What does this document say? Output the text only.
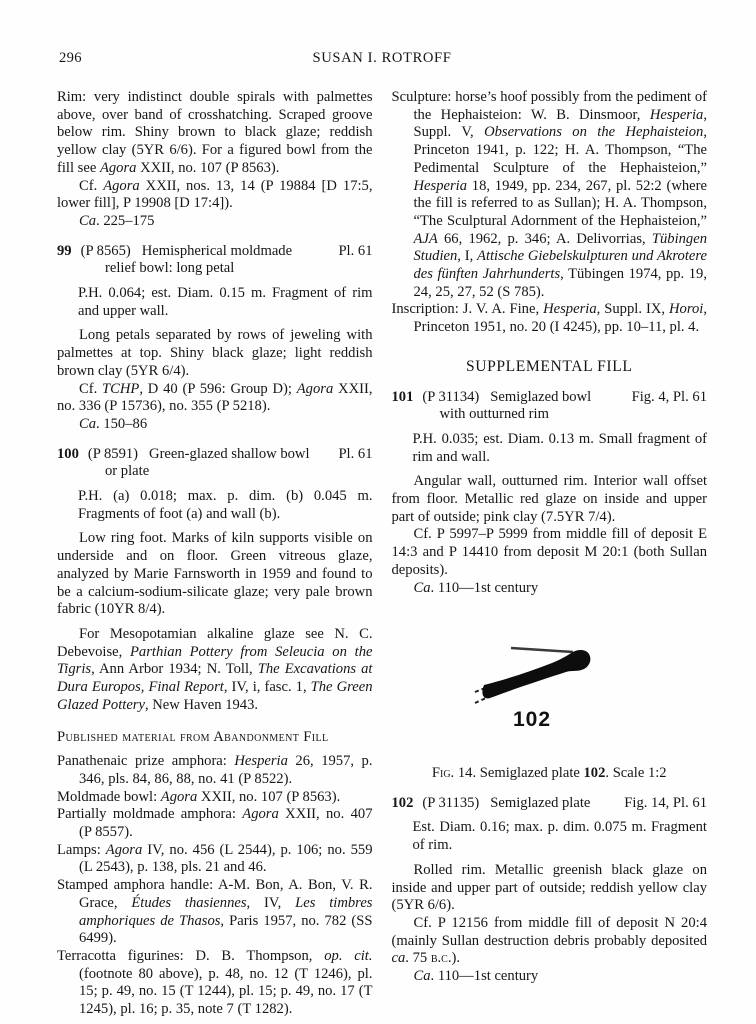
296	SUSAN I. ROTROFF

Rim: very indistinct double spirals with palmettes above, over band of crosshatching. Scraped groove below rim. Shiny brown to black glaze; reddish yellow clay (5YR 6/6). For a figured bowl from the fill see Agora XXII, no. 107 (P 8563).

Cf. Agora XXII, nos. 13, 14 (P 19884 [D 17:5, lower fill], P 19908 [D 17:4]).

Ca. 225–175

99 (P 8565) Hemispherical moldmade	Pl. 61
relief bowl: long petal

P.H. 0.064; est. Diam. 0.15 m. Fragment of rim and upper wall.

Long petals separated by rows of jeweling with palmettes at top. Shiny black glaze; light reddish brown clay (5YR 6/4).

Cf. TCHP, D 40 (P 596: Group D); Agora XXII, no. 336 (P 15736), no. 355 (P 5218).

Ca. 150–86

100 (P 8591) Green-glazed shallow bowl	Pl. 61
or plate

P.H. (a) 0.018; max. p. dim. (b) 0.045 m. Fragments of foot (a) and wall (b).

Low ring foot. Marks of kiln supports visible on underside and on floor. Green vitreous glaze, analyzed by Marie Farnsworth in 1959 and found to be a calcium-sodium-silicate glaze; very pale brown fabric (10YR 8/4).

For Mesopotamian alkaline glaze see N. C. Debevoise, Parthian Pottery from Seleucia on the Tigris, Ann Arbor 1934; N. Toll, The Excavations at Dura Europos, Final Report, IV, i, fasc. 1, The Green Glazed Pottery, New Haven 1943.

Published material from Abandonment Fill

Panathenaic prize amphora: Hesperia 26, 1957, p. 346, pls. 84, 86, 88, no. 41 (P 8522).

Moldmade bowl: Agora XXII, no. 107 (P 8563).

Partially moldmade amphora: Agora XXII, no. 407 (P 8557).

Lamps: Agora IV, no. 456 (L 2544), p. 106; no. 559 (L 2543), p. 138, pls. 21 and 46.

Stamped amphora handle: A-M. Bon, A. Bon, V. R. Grace, Études thasiennes, IV, Les timbres amphoriques de Thasos, Paris 1957, no. 782 (SS 6499).

Terracotta figurines: D. B. Thompson, op. cit. (footnote 80 above), p. 48, no. 12 (T 1246), pl. 15; p. 49, no. 15 (T 1244), pl. 15; p. 49, no. 17 (T 1245), pl. 16; p. 35, note 7 (T 1282).

Sculpture: horse’s hoof possibly from the pediment of the Hephaisteion: W. B. Dinsmoor, Hesperia, Suppl. V, Observations on the Hephaisteion, Princeton 1941, p. 122; H. A. Thompson, “The Pedimental Sculpture of the Hephaisteion,” Hesperia 18, 1949, pp. 234, 267, pl. 52:2 (where the fill is referred to as Sullan); H. A. Thompson, “The Sculptural Adornment of the Hephaisteion,” AJA 66, 1962, p. 346; A. Delivorrias, Tübingen Studien, I, Attische Giebelskulpturen und Akrotere des fünften Jahrhunderts, Tübingen 1974, pp. 19, 24, 25, 27, 52 (S 785).

Inscription: J. V. A. Fine, Hesperia, Suppl. IX, Horoi, Princeton 1951, no. 20 (I 4245), pp. 10–11, pl. 4.

SUPPLEMENTAL FILL
101 (P 31134) Semiglazed bowl	Fig. 4, Pl. 61
with outturned rim

P.H. 0.035; est. Diam. 0.13 m. Small fragment of rim and wall.

Angular wall, outturned rim. Interior wall offset from floor. Metallic red glaze on inside and upper part of outside; pink clay (7.5YR 7/4).

Cf. P 5997–P 5999 from middle fill of deposit E 14:3 and P 14410 from deposit M 20:1 (both Sullan deposits).

Ca. 110—1st century

102

Fig. 14. Semiglazed plate 102. Scale 1:2

102 (P 31135) Semiglazed plate	Fig. 14, Pl. 61

Est. Diam. 0.16; max. p. dim. 0.075 m. Fragment of rim.

Rolled rim. Metallic greenish black glaze on inside and upper part of outside; reddish yellow clay (5YR 6/6).

Cf. P 12156 from middle fill of deposit N 20:4 (mainly Sullan destruction debris probably deposited ca. 75 b.c.).

Ca. 110—1st century
